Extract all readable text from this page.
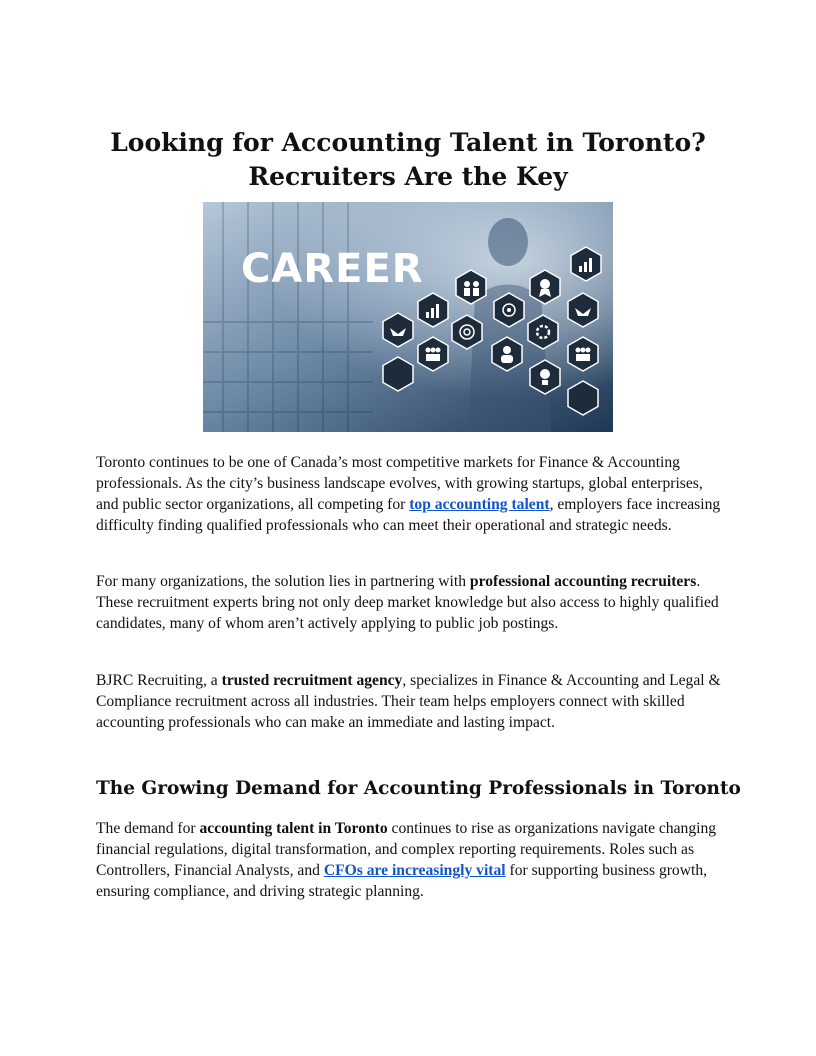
Looking for Accounting Talent in Toronto?
Recruiters Are the Key
CAREER

Toronto continues to be one of Canada’s most competitive markets for Finance & Accounting professionals. As the city’s business landscape evolves, with growing startups, global enterprises, and public sector organizations, all competing for top accounting talent, employers face increasing difficulty finding qualified professionals who can meet their operational and strategic needs.

For many organizations, the solution lies in partnering with professional accounting recruiters. These recruitment experts bring not only deep market knowledge but also access to highly qualified candidates, many of whom aren’t actively applying to public job postings.

BJRC Recruiting, a trusted recruitment agency, specializes in Finance & Accounting and Legal & Compliance recruitment across all industries. Their team helps employers connect with skilled accounting professionals who can make an immediate and lasting impact.

The Growing Demand for Accounting Professionals in Toronto

The demand for accounting talent in Toronto continues to rise as organizations navigate changing financial regulations, digital transformation, and complex reporting requirements. Roles such as Controllers, Financial Analysts, and CFOs are increasingly vital for supporting business growth, ensuring compliance, and driving strategic planning.
